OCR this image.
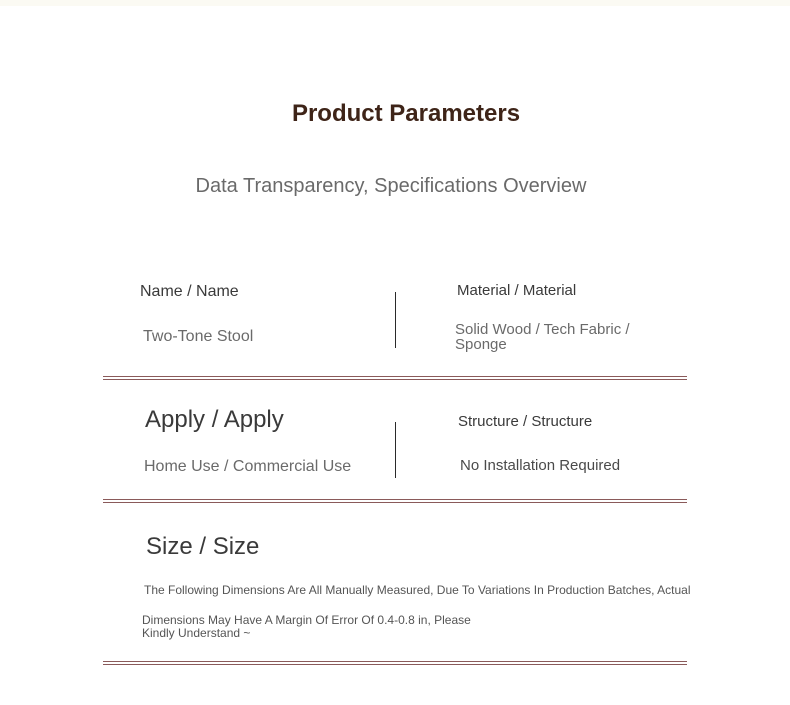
Product Parameters
Data Transparency, Specifications Overview
Name / Name
Two-Tone Stool
Material / Material
Solid Wood / Tech Fabric /
Sponge
Apply / Apply
Home Use / Commercial Use
Structure / Structure
No Installation Required
Size / Size
The Following Dimensions Are All Manually Measured, Due To Variations In Production Batches, Actual
Dimensions May Have A Margin Of Error Of 0.4-0.8 in, Please
Kindly Understand ~
